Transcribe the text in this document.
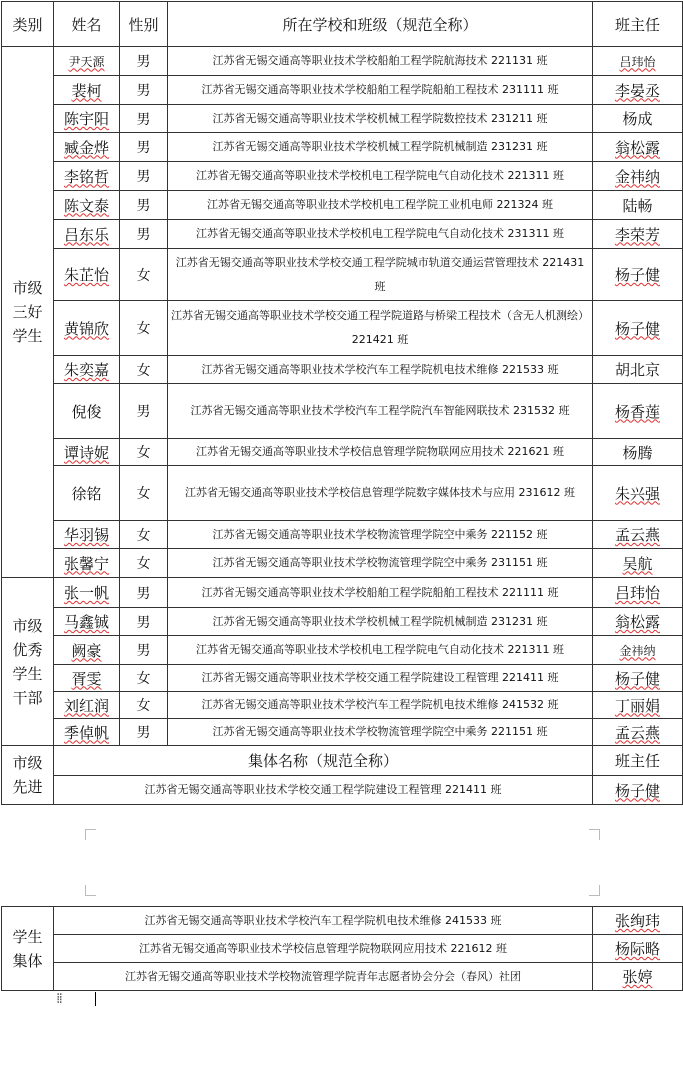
类别	姓名	性别	所在学校和班级（规范全称）	班主任
市级三好学生	尹天源	男	江苏省无锡交通高等职业技术学校船舶工程学院航海技术 221131 班	吕玮怡
	裴柯	男	江苏省无锡交通高等职业技术学校船舶工程学院船舶工程技术 231111 班	李晏丞
	陈宇阳	男	江苏省无锡交通高等职业技术学校机械工程学院数控技术 231211 班	杨成
	臧金烨	男	江苏省无锡交通高等职业技术学校机械工程学院机械制造 231231 班	翁松露
	李铭哲	男	江苏省无锡交通高等职业技术学校机电工程学院电气自动化技术 221311 班	金祎纳
	陈文泰	男	江苏省无锡交通高等职业技术学校机电工程学院工业机电师 221324 班	陆畅
	吕东乐	男	江苏省无锡交通高等职业技术学校机电工程学院电气自动化技术 231311 班	李荣芳
	朱芷怡	女	江苏省无锡交通高等职业技术学校交通工程学院城市轨道交通运营管理技术 221431 班	杨子健
	黄锦欣	女	江苏省无锡交通高等职业技术学校交通工程学院道路与桥梁工程技术（含无人机测绘） 221421 班	杨子健
	朱奕嘉	女	江苏省无锡交通高等职业技术学校汽车工程学院机电技术维修 221533 班	胡北京
	倪俊	男	江苏省无锡交通高等职业技术学校汽车工程学院汽车智能网联技术 231532 班	杨香莲
	谭诗妮	女	江苏省无锡交通高等职业技术学校信息管理学院物联网应用技术 221621 班	杨腾
	徐铭	女	江苏省无锡交通高等职业技术学校信息管理学院数字媒体技术与应用 231612 班	朱兴强
	华羽锡	女	江苏省无锡交通高等职业技术学校物流管理学院空中乘务 221152 班	孟云燕
	张馨宁	女	江苏省无锡交通高等职业技术学校物流管理学院空中乘务 231151 班	吴航
市级优秀学生干部	张一帆	男	江苏省无锡交通高等职业技术学校船舶工程学院船舶工程技术 221111 班	吕玮怡
	马鑫铖	男	江苏省无锡交通高等职业技术学校机械工程学院机械制造 231231 班	翁松露
	阙豪	男	江苏省无锡交通高等职业技术学校机电工程学院电气自动化技术 221311 班	金祎纳
	胥雯	女	江苏省无锡交通高等职业技术学校交通工程学院建设工程管理 221411 班	杨子健
	刘红润	女	江苏省无锡交通高等职业技术学校汽车工程学院机电技术维修 241532 班	丁丽娟
	季倬帆	男	江苏省无锡交通高等职业技术学校物流管理学院空中乘务 221151 班	孟云燕
市级先进	集体名称（规范全称）			班主任
	江苏省无锡交通高等职业技术学校交通工程学院建设工程管理 221411 班			杨子健
学生集体	江苏省无锡交通高等职业技术学校汽车工程学院机电技术维修 241533 班	张绚玮
	江苏省无锡交通高等职业技术学校信息管理学院物联网应用技术 221612 班	杨际略
	江苏省无锡交通高等职业技术学校物流管理学院青年志愿者协会分会（春风）社团	张婷
⁞⁞
